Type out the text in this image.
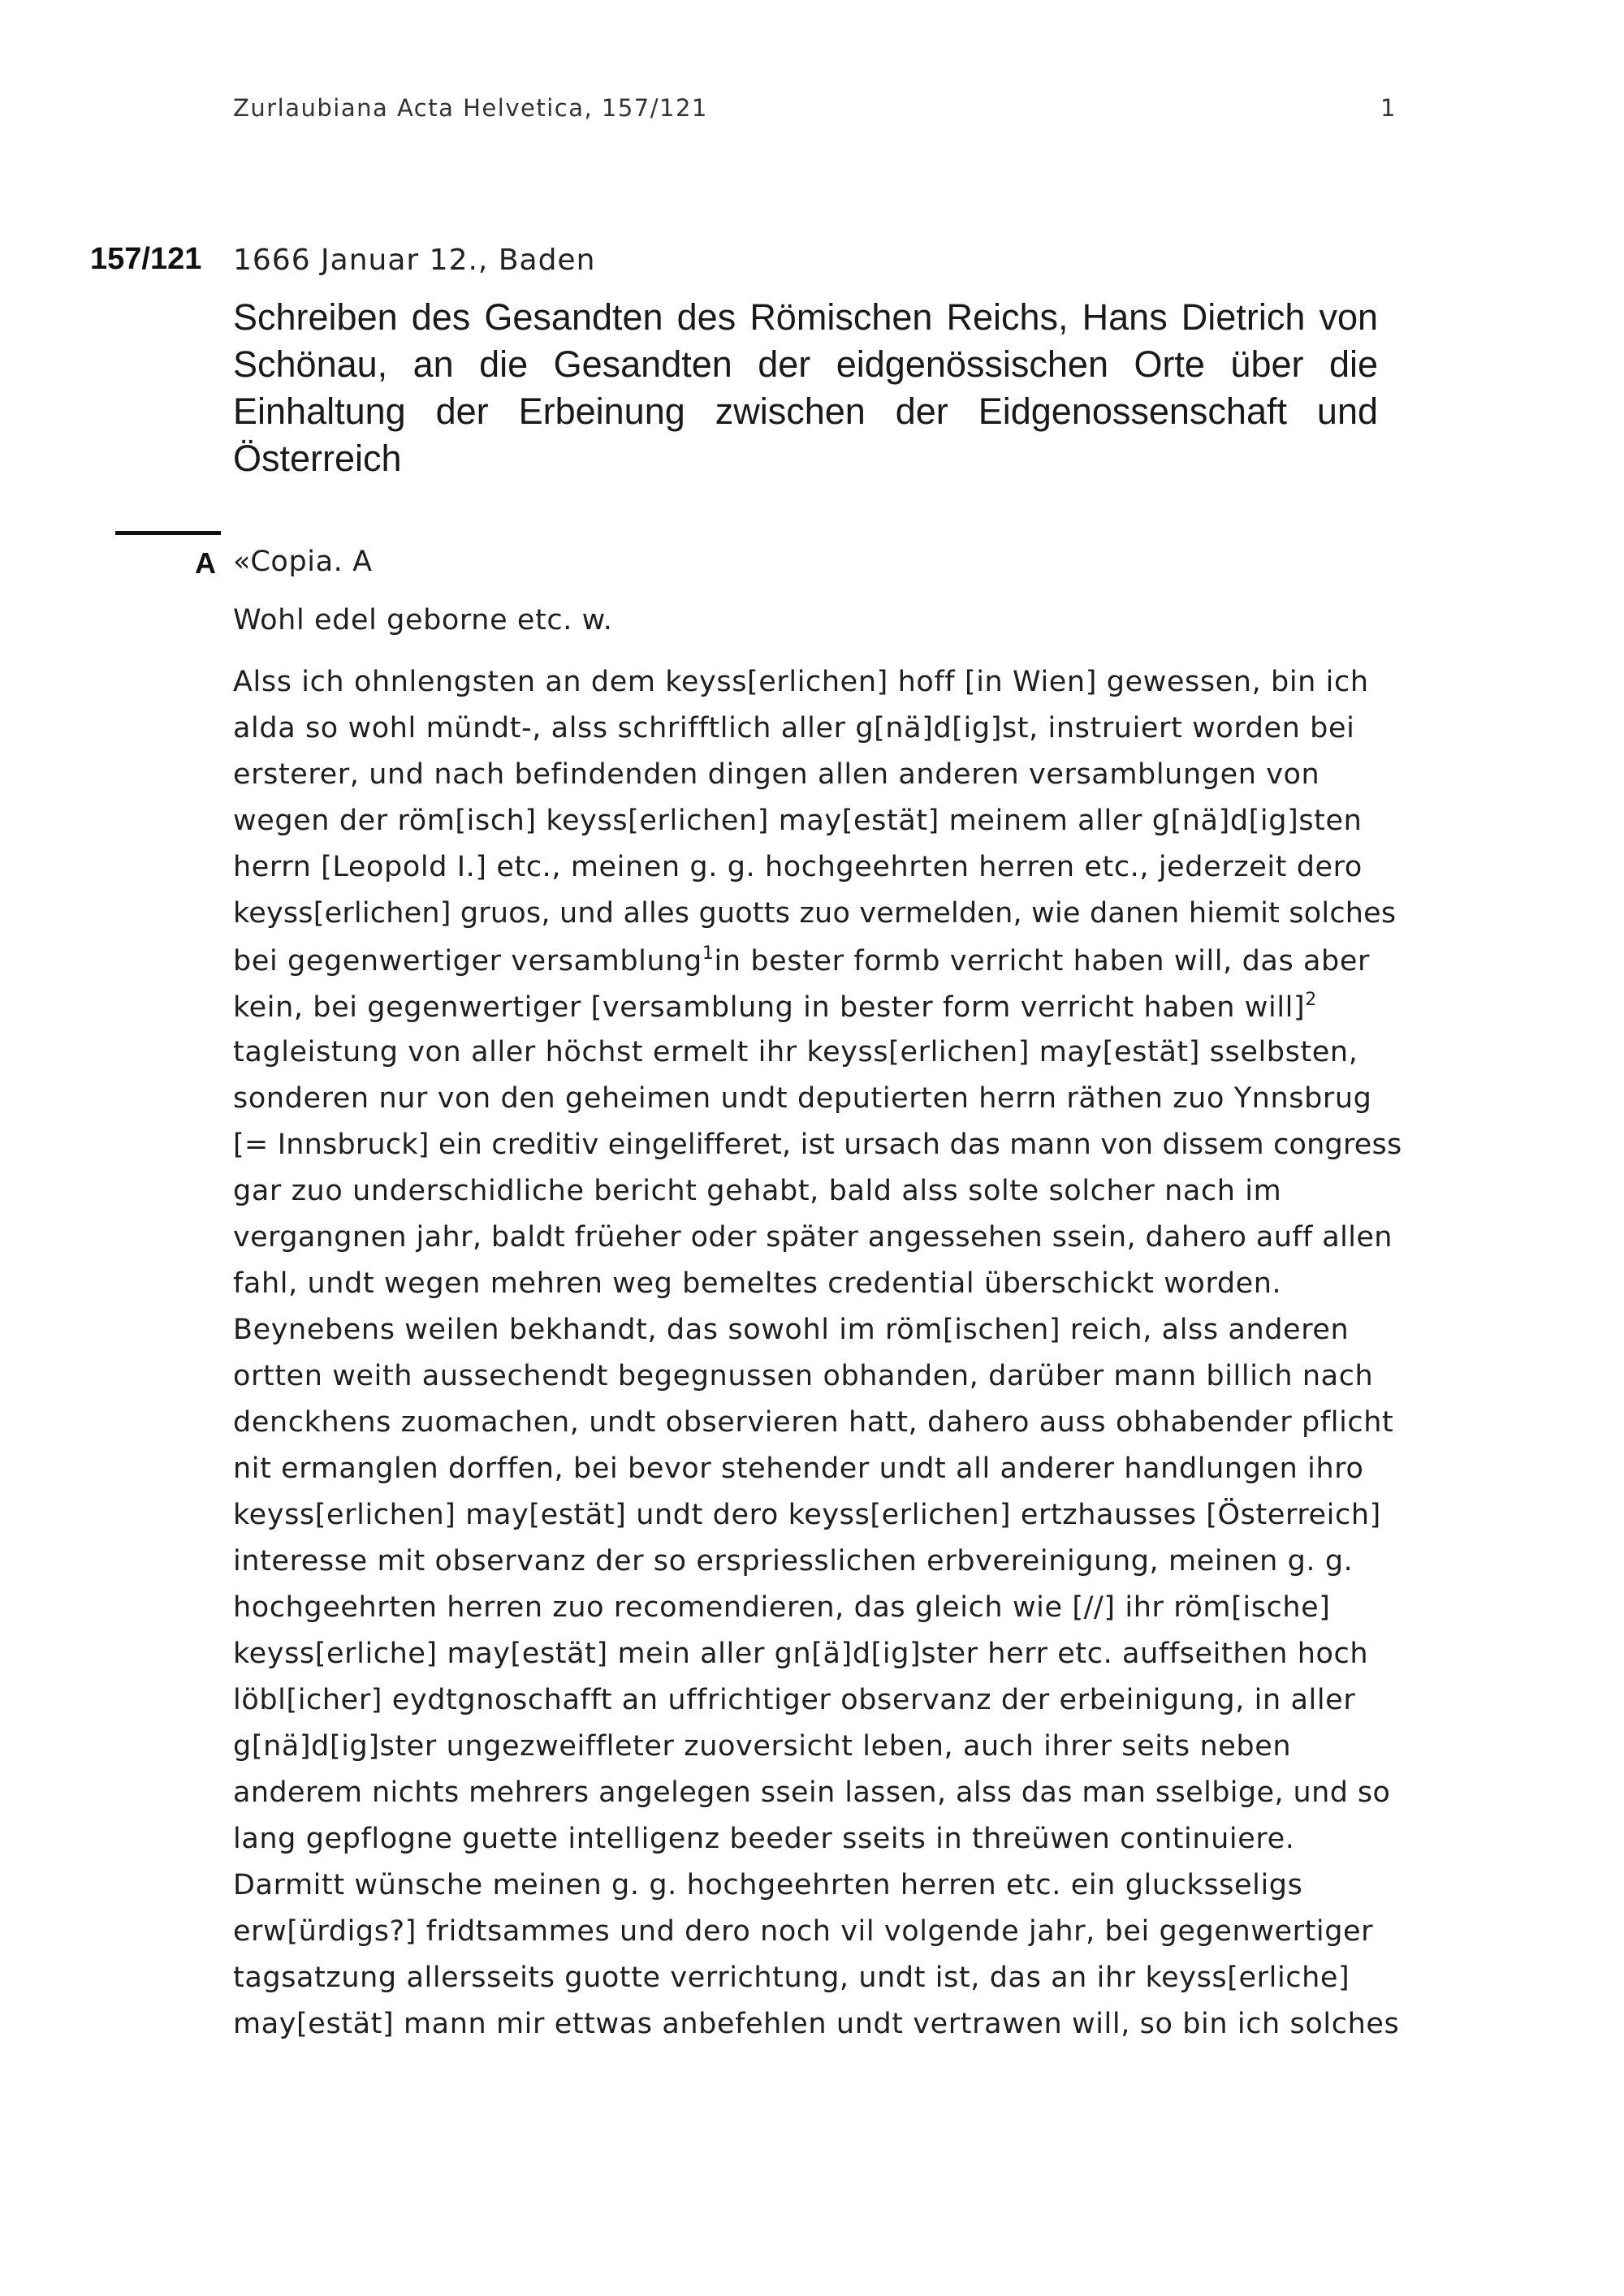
Zurlaubiana Acta Helvetica, 157/121	1
157/121 1666 Januar 12., Baden
Schreiben des Gesandten des Römischen Reichs, Hans Dietrich von Schönau, an die Gesandten der eidgenössischen Orte über die Einhaltung der Erbeinung zwischen der Eidgenossenschaft und Österreich
A «Copia. A
Wohl edel geborne etc. w.
Alss ich ohnlengsten an dem keyss[erlichen] hoff [in Wien] gewessen, bin ich
alda so wohl mündt-, alss schrifftlich aller g[nä]d[ig]st, instruiert worden bei
ersterer, und nach befindenden dingen allen anderen versamblungen von
wegen der röm[isch] keyss[erlichen] may[estät] meinem aller g[nä]d[ig]sten
herrn [Leopold I.] etc., meinen g. g. hochgeehrten herren etc., jederzeit dero
keyss[erlichen] gruos, und alles guotts zuo vermelden, wie danen hiemit solches
bei gegenwertiger versamblung$^1$in bester formb verricht haben will, das aber
kein, bei gegenwertiger [versamblung in bester form verricht haben will]$^2$
tagleistung von aller höchst ermelt ihr keyss[erlichen] may[estät] sselbsten,
sonderen nur von den geheimen undt deputierten herrn räthen zuo Ynnsbrug
[= Innsbruck] ein creditiv eingelifferet, ist ursach das mann von dissem congress
gar zuo underschidliche bericht gehabt, bald alss solte solcher nach im
vergangnen jahr, baldt früeher oder später angessehen ssein, dahero auff allen
fahl, undt wegen mehren weg bemeltes credential überschickt worden.
Beynebens weilen bekhandt, das sowohl im röm[ischen] reich, alss anderen
ortten weith aussechendt begegnussen obhanden, darüber mann billich nach
denckhens zuomachen, undt observieren hatt, dahero auss obhabender pflicht
nit ermanglen dorffen, bei bevor stehender undt all anderer handlungen ihro
keyss[erlichen] may[estät] undt dero keyss[erlichen] ertzhausses [Österreich]
interesse mit observanz der so erspriesslichen erbvereinigung, meinen g. g.
hochgeehrten herren zuo recomendieren, das gleich wie [//] ihr röm[ische]
keyss[erliche] may[estät] mein aller gn[ä]d[ig]ster herr etc. auffseithen hoch
löbl[icher] eydtgnoschafft an uffrichtiger observanz der erbeinigung, in aller
g[nä]d[ig]ster ungezweiffleter zuoversicht leben, auch ihrer seits neben
anderem nichts mehrers angelegen ssein lassen, alss das man sselbige, und so
lang gepflogne guette intelligenz beeder sseits in threüwen continuiere.
Darmitt wünsche meinen g. g. hochgeehrten herren etc. ein glucksseligs
erw[ürdigs?] fridtsammes und dero noch vil volgende jahr, bei gegenwertiger
tagsatzung allersseits guotte verrichtung, undt ist, das an ihr keyss[erliche]
may[estät] mann mir ettwas anbefehlen undt vertrawen will, so bin ich solches
